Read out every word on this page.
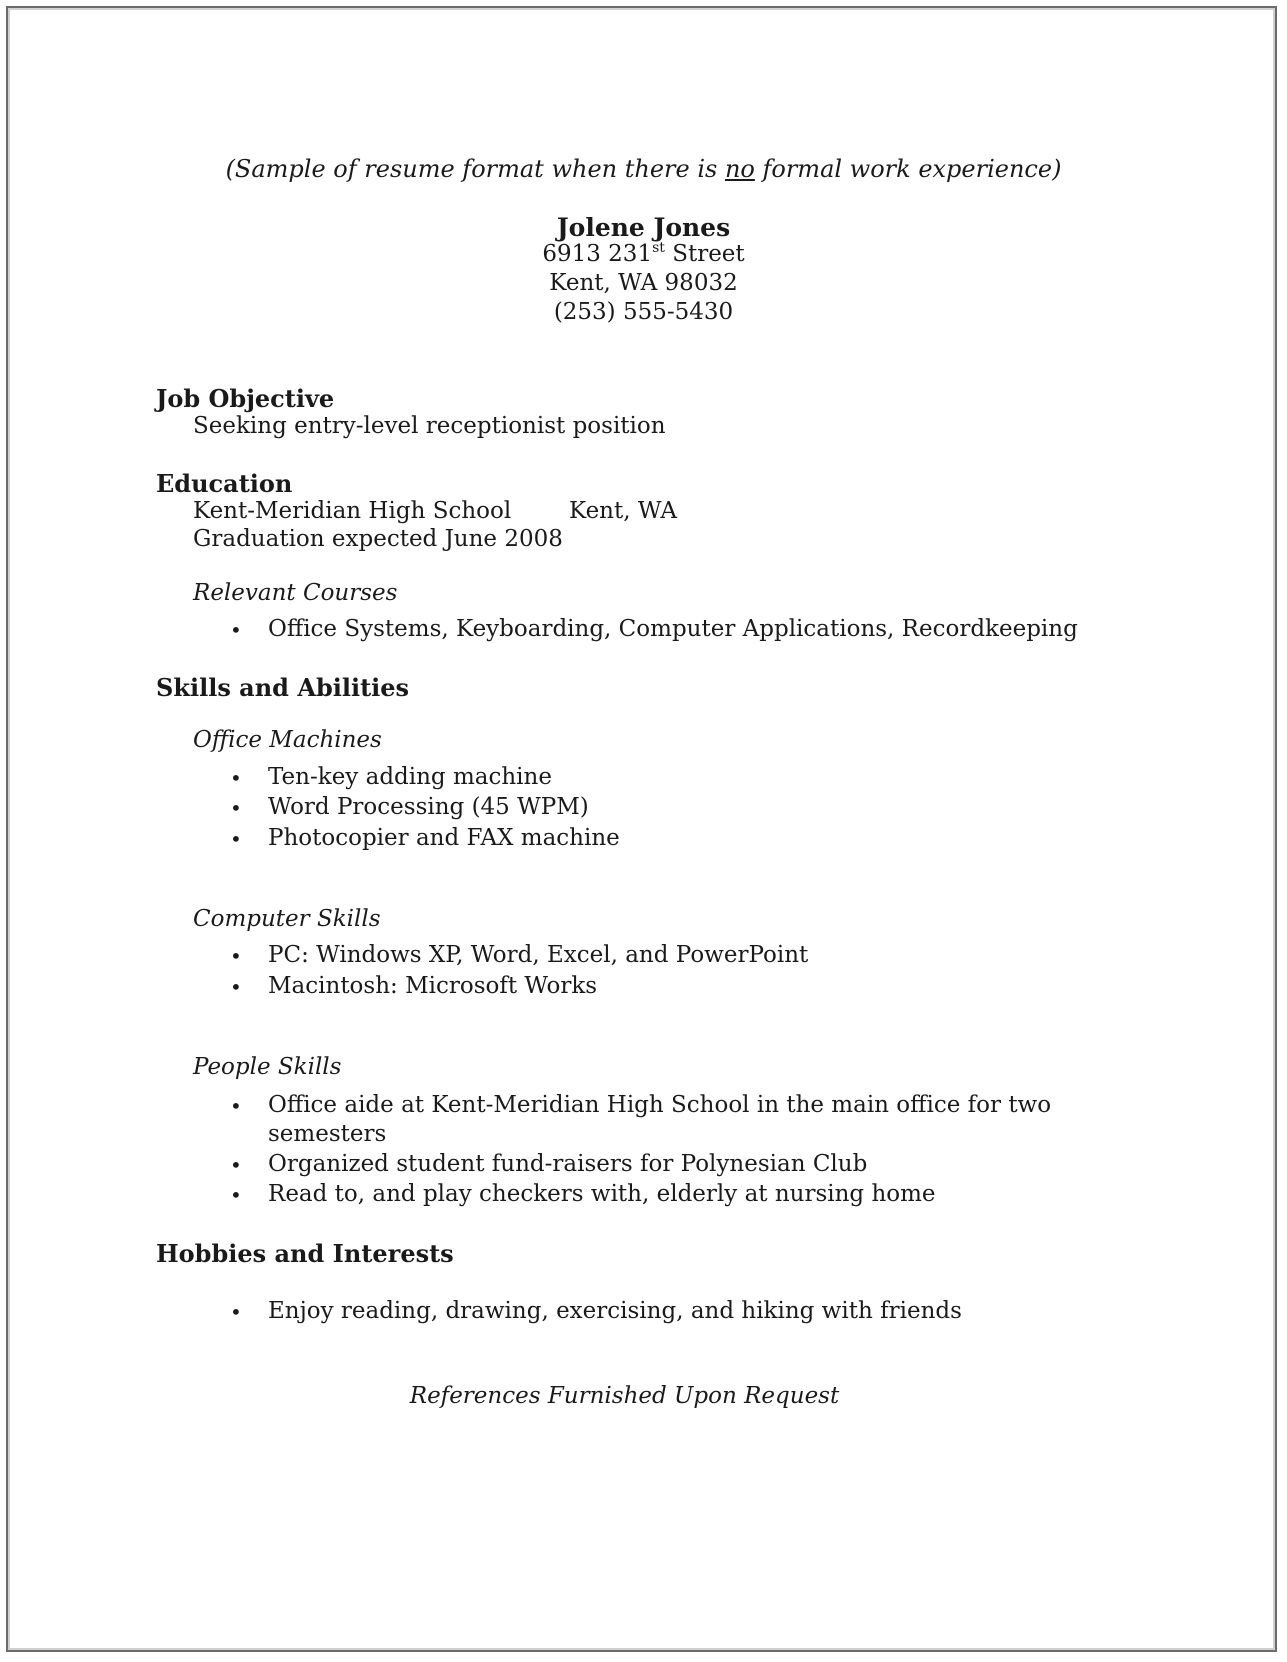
(Sample of resume format when there is no formal work experience)
Jolene Jones
6913 231st Street
Kent, WA 98032
(253) 555-5430
Job Objective
Seeking entry-level receptionist position
Education
Kent-Meridian High School	Kent, WA
Graduation expected June 2008
Relevant Courses
• Office Systems, Keyboarding, Computer Applications, Recordkeeping
Skills and Abilities
Office Machines
• Ten-key adding machine
• Word Processing (45 WPM)
• Photocopier and FAX machine
Computer Skills
• PC: Windows XP, Word, Excel, and PowerPoint
• Macintosh: Microsoft Works
People Skills
• Office aide at Kent-Meridian High School in the main office for two
semesters
• Organized student fund-raisers for Polynesian Club
• Read to, and play checkers with, elderly at nursing home
Hobbies and Interests
• Enjoy reading, drawing, exercising, and hiking with friends
References Furnished Upon Request
